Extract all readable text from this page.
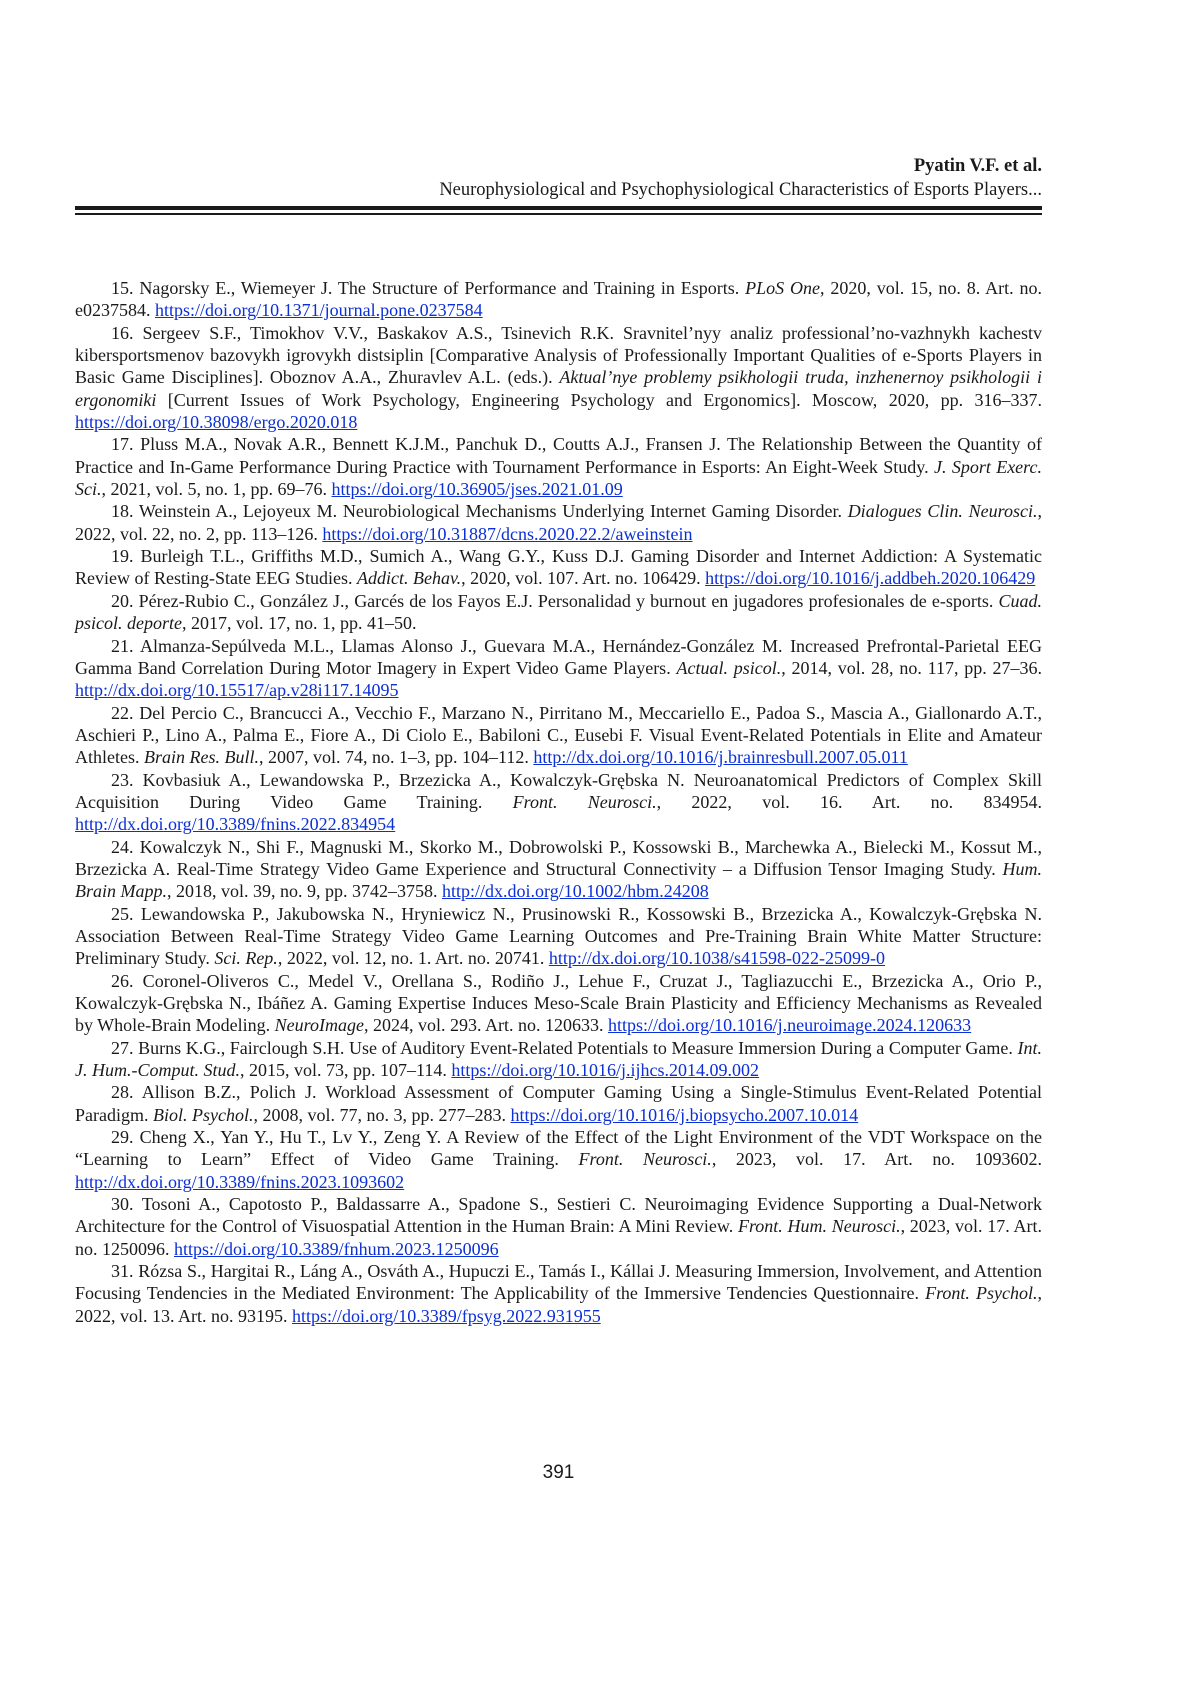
Pyatin V.F. et al.
Neurophysiological and Psychophysiological Characteristics of Esports Players...

15. Nagorsky E., Wiemeyer J. The Structure of Performance and Training in Esports. PLoS One, 2020, vol. 15, no. 8. Art. no. e0237584. https://doi.org/10.1371/journal.pone.0237584

16. Sergeev S.F., Timokhov V.V., Baskakov A.S., Tsinevich R.K. Sravnitel’nyy analiz professional’no-vazhnykh kachestv kibersportsmenov bazovykh igrovykh distsiplin [Comparative Analysis of Professionally Important Qualities of e-Sports Players in Basic Game Disciplines]. Oboznov A.A., Zhuravlev A.L. (eds.). Aktual’nye problemy psikhologii truda, inzhenernoy psikhologii i ergonomiki [Current Issues of Work Psychology, Engineering Psychology and Ergonomics]. Moscow, 2020, pp. 316–337. https://doi.org/10.38098/ergo.2020.018

17. Pluss M.A., Novak A.R., Bennett K.J.M., Panchuk D., Coutts A.J., Fransen J. The Relationship Between the Quantity of Practice and In-Game Performance During Practice with Tournament Performance in Esports: An Eight-Week Study. J. Sport Exerc. Sci., 2021, vol. 5, no. 1, pp. 69–76. https://doi.org/10.36905/jses.2021.01.09

18. Weinstein A., Lejoyeux M. Neurobiological Mechanisms Underlying Internet Gaming Disorder. Dialogues Clin. Neurosci., 2022, vol. 22, no. 2, pp. 113–126. https://doi.org/10.31887/dcns.2020.22.2/aweinstein

19. Burleigh T.L., Griffiths M.D., Sumich A., Wang G.Y., Kuss D.J. Gaming Disorder and Internet Addiction: A Systematic Review of Resting-State EEG Studies. Addict. Behav., 2020, vol. 107. Art. no. 106429. https://doi.org/10.1016/j.addbeh.2020.106429

20. Pérez-Rubio C., González J., Garcés de los Fayos E.J. Personalidad y burnout en jugadores profesionales de e-sports. Cuad. psicol. deporte, 2017, vol. 17, no. 1, pp. 41–50.

21. Almanza-Sepúlveda M.L., Llamas Alonso J., Guevara M.A., Hernández-González M. Increased Prefrontal-Parietal EEG Gamma Band Correlation During Motor Imagery in Expert Video Game Players. Actual. psicol., 2014, vol. 28, no. 117, pp. 27–36. http://dx.doi.org/10.15517/ap.v28i117.14095

22. Del Percio C., Brancucci A., Vecchio F., Marzano N., Pirritano M., Meccariello E., Padoa S., Mascia A., Giallonardo A.T., Aschieri P., Lino A., Palma E., Fiore A., Di Ciolo E., Babiloni C., Eusebi F. Visual Event-Related Potentials in Elite and Amateur Athletes. Brain Res. Bull., 2007, vol. 74, no. 1–3, pp. 104–112. http://dx.doi.org/10.1016/j.brainresbull.2007.05.011

23. Kovbasiuk A., Lewandowska P., Brzezicka A., Kowalczyk-Grębska N. Neuroanatomical Predictors of Complex Skill Acquisition During Video Game Training. Front. Neurosci., 2022, vol. 16. Art. no. 834954. http://dx.doi.org/10.3389/fnins.2022.834954

24. Kowalczyk N., Shi F., Magnuski M., Skorko M., Dobrowolski P., Kossowski B., Marchewka A., Bielecki M., Kossut M., Brzezicka A. Real-Time Strategy Video Game Experience and Structural Connectivity – a Diffusion Tensor Imaging Study. Hum. Brain Mapp., 2018, vol. 39, no. 9, pp. 3742–3758. http://dx.doi.org/10.1002/hbm.24208

25. Lewandowska P., Jakubowska N., Hryniewicz N., Prusinowski R., Kossowski B., Brzezicka A., Kowalczyk-Grębska N. Association Between Real-Time Strategy Video Game Learning Outcomes and Pre-Training Brain White Matter Structure: Preliminary Study. Sci. Rep., 2022, vol. 12, no. 1. Art. no. 20741. http://dx.doi.org/10.1038/s41598-022-25099-0

26. Coronel-Oliveros C., Medel V., Orellana S., Rodiño J., Lehue F., Cruzat J., Tagliazucchi E., Brzezicka A., Orio P., Kowalczyk-Grębska N., Ibáñez A. Gaming Expertise Induces Meso-Scale Brain Plasticity and Efficiency Mechanisms as Revealed by Whole-Brain Modeling. NeuroImage, 2024, vol. 293. Art. no. 120633. https://doi.org/10.1016/j.neuroimage.2024.120633

27. Burns K.G., Fairclough S.H. Use of Auditory Event-Related Potentials to Measure Immersion During a Computer Game. Int. J. Hum.-Comput. Stud., 2015, vol. 73, pp. 107–114. https://doi.org/10.1016/j.ijhcs.2014.09.002

28. Allison B.Z., Polich J. Workload Assessment of Computer Gaming Using a Single-Stimulus Event-Related Potential Paradigm. Biol. Psychol., 2008, vol. 77, no. 3, pp. 277–283. https://doi.org/10.1016/j.biopsycho.2007.10.014

29. Cheng X., Yan Y., Hu T., Lv Y., Zeng Y. A Review of the Effect of the Light Environment of the VDT Workspace on the “Learning to Learn” Effect of Video Game Training. Front. Neurosci., 2023, vol. 17. Art. no. 1093602. http://dx.doi.org/10.3389/fnins.2023.1093602

30. Tosoni A., Capotosto P., Baldassarre A., Spadone S., Sestieri C. Neuroimaging Evidence Supporting a Dual-Network Architecture for the Control of Visuospatial Attention in the Human Brain: A Mini Review. Front. Hum. Neurosci., 2023, vol. 17. Art. no. 1250096. https://doi.org/10.3389/fnhum.2023.1250096

31. Rózsa S., Hargitai R., Láng A., Osváth A., Hupuczi E., Tamás I., Kállai J. Measuring Immersion, Involvement, and Attention Focusing Tendencies in the Mediated Environment: The Applicability of the Immersive Tendencies Questionnaire. Front. Psychol., 2022, vol. 13. Art. no. 93195. https://doi.org/10.3389/fpsyg.2022.931955

391
